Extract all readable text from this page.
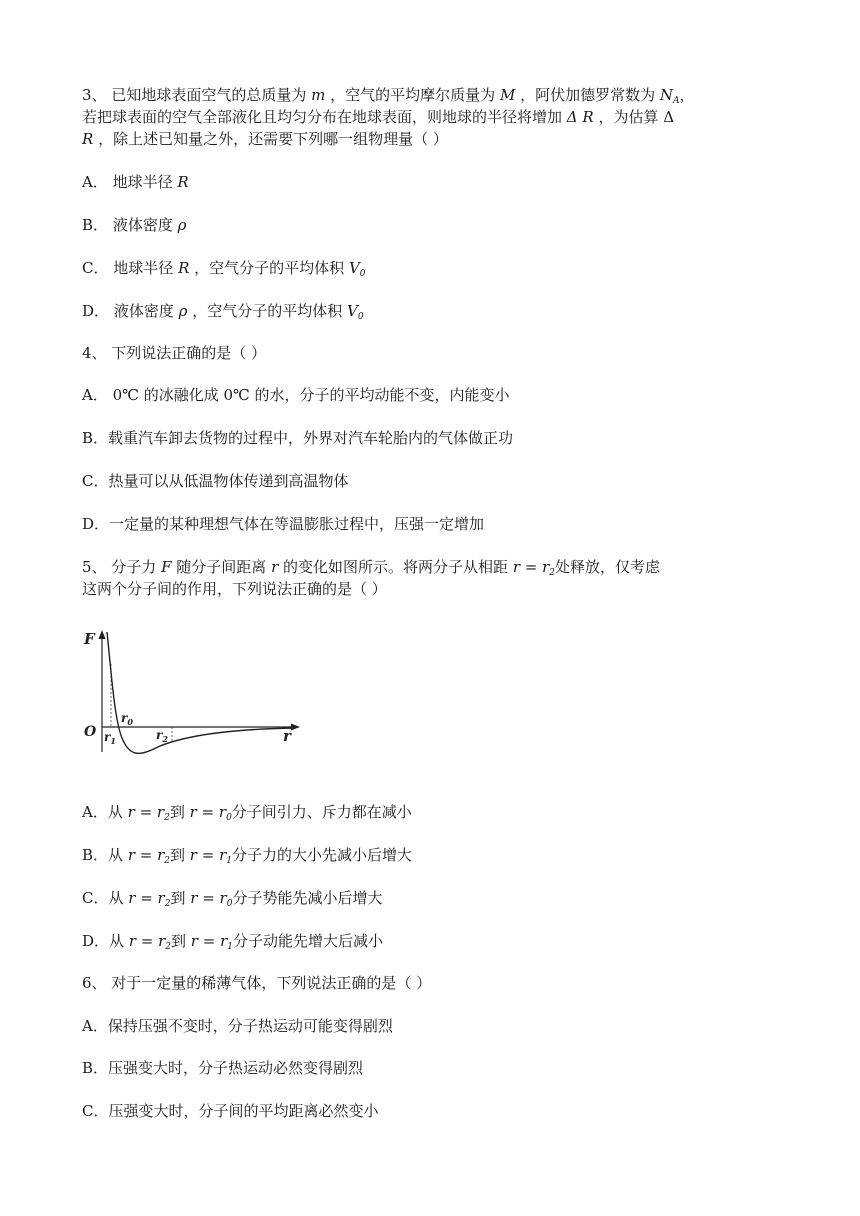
3、 已知地球表面空气的总质量为 m ，空气的平均摩尔质量为 M ，阿伏加德罗常数为 $N_A$，
若把球表面的空气全部液化且均匀分布在地球表面，则地球的半径将增加 Δ R ，为估算 Δ
R ，除上述已知量之外，还需要下列哪一组物理量（ ）
A． 地球半径 R
B． 液体密度 ρ
C． 地球半径 R ，空气分子的平均体积 $V_0$
D． 液体密度 ρ ，空气分子的平均体积 $V_0$
4、 下列说法正确的是（ ）
A． 0℃ 的冰融化成 0℃ 的水，分子的平均动能不变，内能变小
B．载重汽车卸去货物的过程中，外界对汽车轮胎内的气体做正功
C．热量可以从低温物体传递到高温物体
D．一定量的某种理想气体在等温膨胀过程中，压强一定增加
5、 分子力 F 随分子间距离 r 的变化如图所示。将两分子从相距 $r = r_2$处释放，仅考虑
这两个分子间的作用，下列说法正确的是（ ）
F
r
O
$r_0$
$r_1$	$r_2$
A．从 $r = r_2$到 $r = r_0$分子间引力、斥力都在减小
B．从 $r = r_2$到 $r = r_1$分子力的大小先减小后增大
C．从 $r = r_2$到 $r = r_0$分子势能先减小后增大
D．从 $r = r_2$到 $r = r_1$分子动能先增大后减小
6、 对于一定量的稀薄气体，下列说法正确的是（ ）
A．保持压强不变时，分子热运动可能变得剧烈
B．压强变大时，分子热运动必然变得剧烈
C．压强变大时，分子间的平均距离必然变小
